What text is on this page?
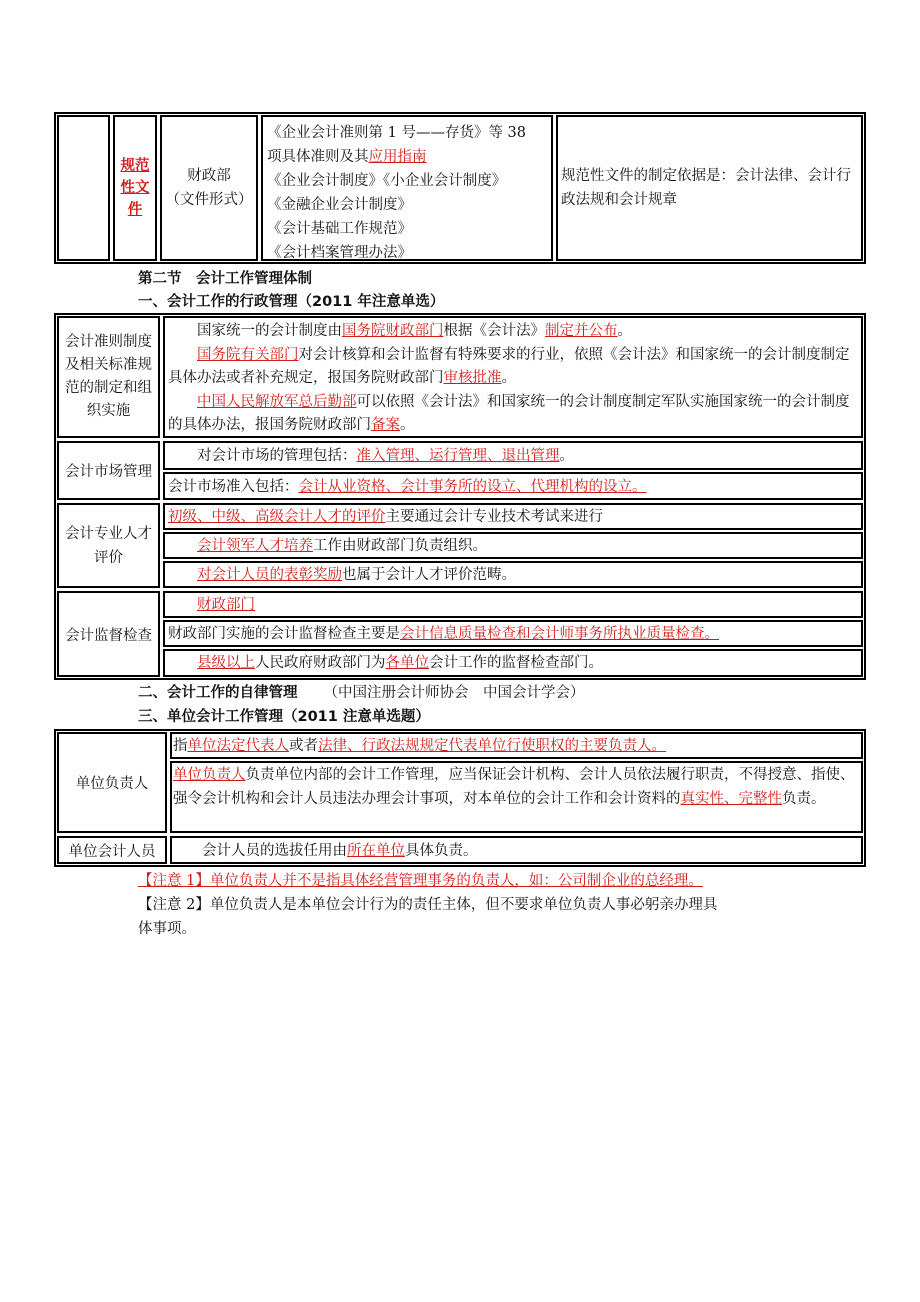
规范性文件
财政部
（文件形式）
《企业会计准则第 1 号——存货》等 38
项具体准则及其应用指南
《企业会计制度》《小企业会计制度》
《金融企业会计制度》
《会计基础工作规范》
《会计档案管理办法》
规范性文件的制定依据是：会计法律、会计行政法规和会计规章
第二节　会计工作管理体制
一、会计工作的行政管理（2011 年注意单选）
会计准则制度及相关标准规范的制定和组织实施
国家统一的会计制度由国务院财政部门根据《会计法》制定并公布。
国务院有关部门对会计核算和会计监督有特殊要求的行业，依照《会计法》和国家统一的会计制度制定具体办法或者补充规定，报国务院财政部门审核批准。
中国人民解放军总后勤部可以依照《会计法》和国家统一的会计制度制定军队实施国家统一的会计制度的具体办法，报国务院财政部门备案。
会计市场管理
对会计市场的管理包括：准入管理、运行管理、退出管理。
会计市场准入包括：会计从业资格、会计事务所的设立、代理机构的设立。
会计专业人才评价
初级、中级、高级会计人才的评价主要通过会计专业技术考试来进行
会计领军人才培养工作由财政部门负责组织。
对会计人员的表彰奖励也属于会计人才评价范畴。
会计监督检查
财政部门
财政部门实施的会计监督检查主要是会计信息质量检查和会计师事务所执业质量检查。
县级以上人民政府财政部门为各单位会计工作的监督检查部门。
二、会计工作的自律管理 （中国注册会计师协会　中国会计学会）
三、单位会计工作管理（2011 注意单选题）
单位负责人
指单位法定代表人或者法律、行政法规规定代表单位行使职权的主要负责人。
单位负责人负责单位内部的会计工作管理，应当保证会计机构、会计人员依法履行职责，不得授意、指使、强令会计机构和会计人员违法办理会计事项，对本单位的会计工作和会计资料的真实性、完整性负责。
单位会计人员	会计人员的选拔任用由所在单位具体负责。
【注意 1】单位负责人并不是指具体经营管理事务的负责人，如：公司制企业的总经理。
【注意 2】单位负责人是本单位会计行为的责任主体，但不要求单位负责人事必躬亲办理具
体事项。
